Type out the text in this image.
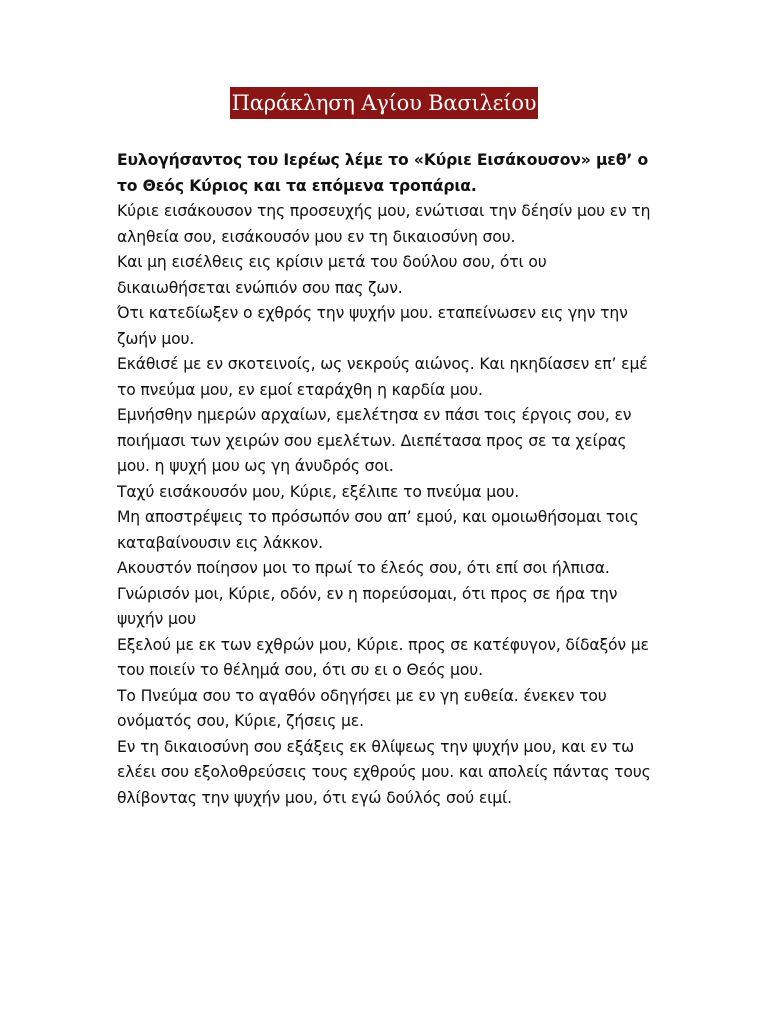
Παράκληση Αγίου Βασιλείου

Ευλογήσαντος του Ιερέως λέμε το «Κύριε Εισάκουσον» μεθ’ ο το Θεός Κύριος και τα επόμενα τροπάρια.

Κύριε εισάκουσον της προσευχής μου, ενώτισαι την δέησίν μου εν τη αληθεία σου, εισάκουσόν μου εν τη δικαιοσύνη σου.

Και μη εισέλθεις εις κρίσιν μετά του δούλου σου, ότι ου δικαιωθήσεται ενώπιόν σου πας ζων.

Ότι κατεδίωξεν ο εχθρός την ψυχήν μου. εταπείνωσεν εις γην την ζωήν μου.

Εκάθισέ με εν σκοτεινοίς, ως νεκρούς αιώνος. Και ηκηδίασεν επ’ εμέ το πνεύμα μου, εν εμοί εταράχθη η καρδία μου.

Εμνήσθην ημερών αρχαίων, εμελέτησα εν πάσι τοις έργοις σου, εν ποιήμασι των χειρών σου εμελέτων. Διεπέτασα προς σε τα χείρας μου. η ψυχή μου ως γη άνυδρός σοι.

Ταχύ εισάκουσόν μου, Κύριε, εξέλιπε το πνεύμα μου.

Μη αποστρέψεις το πρόσωπόν σου απ’ εμού, και ομοιωθήσομαι τοις καταβαίνουσιν εις λάκκον.

Ακουστόν ποίησον μοι το πρωί το έλεός σου, ότι επί σοι ήλπισα.

Γνώρισόν μοι, Κύριε, οδόν, εν η πορεύσομαι, ότι προς σε ήρα την ψυχήν μου

Εξελού με εκ των εχθρών μου, Κύριε. προς σε κατέφυγον, δίδαξόν με του ποιείν το θέλημά σου, ότι συ ει ο Θεός μου.

Το Πνεύμα σου το αγαθόν οδηγήσει με εν γη ευθεία. ένεκεν του ονόματός σου, Κύριε, ζήσεις με.

Εν τη δικαιοσύνη σου εξάξεις εκ θλίψεως την ψυχήν μου, και εν τω ελέει σου εξολοθρεύσεις τους εχθρούς μου. και απολείς πάντας τους θλίβοντας την ψυχήν μου, ότι εγώ δούλός σού ειμί.
